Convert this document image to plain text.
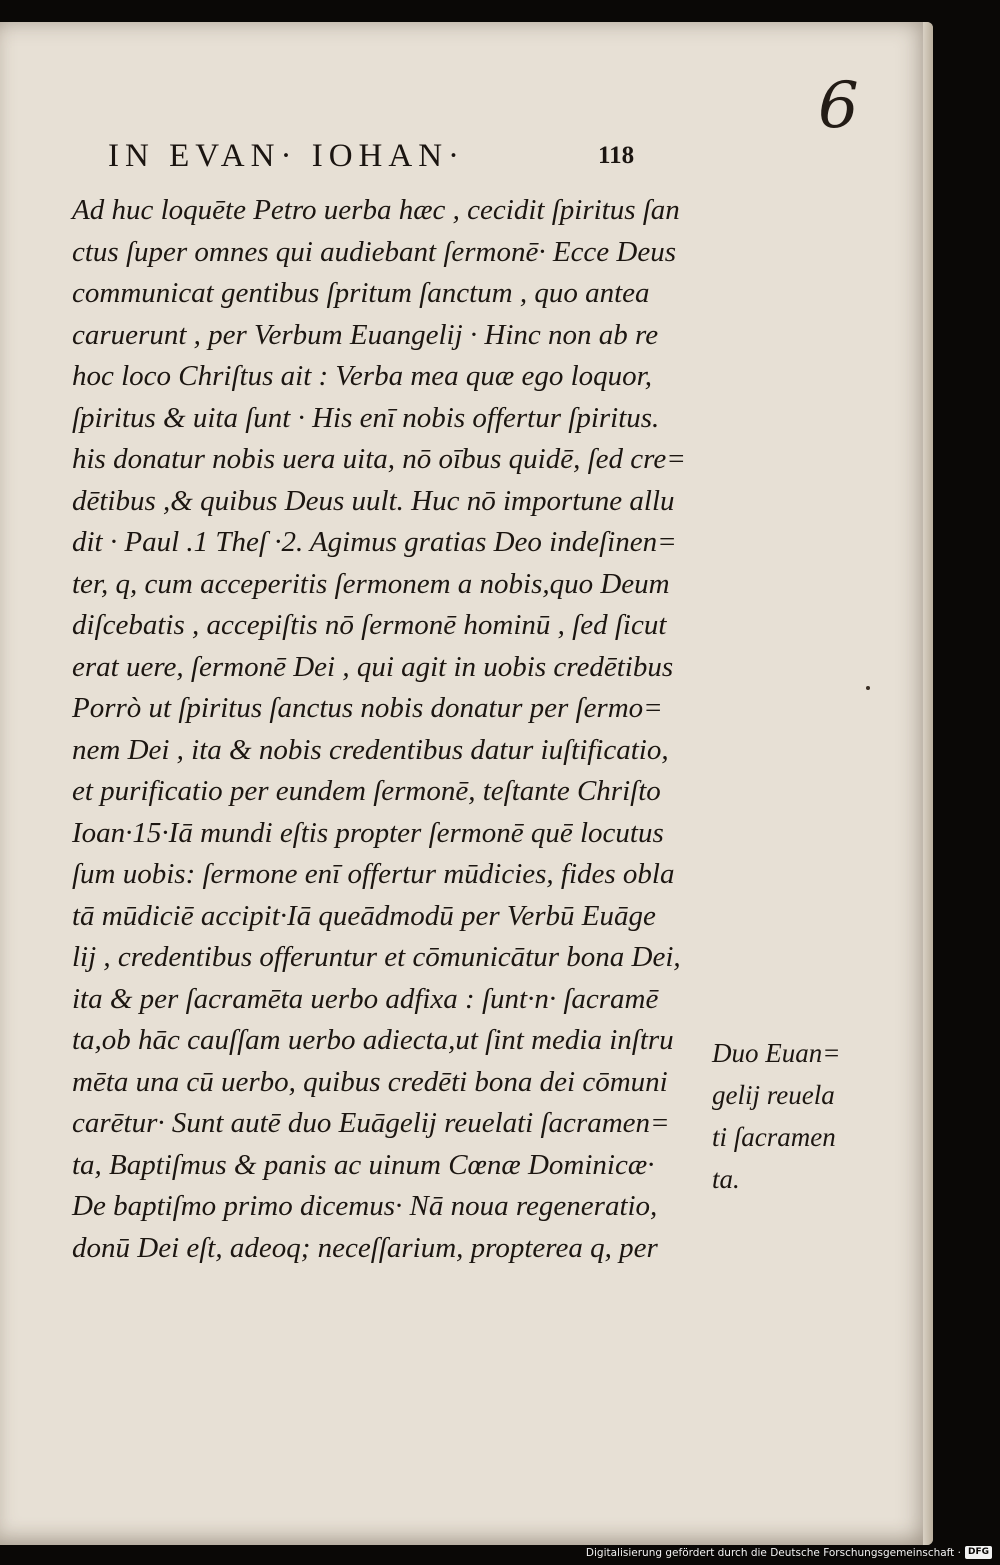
6
IN EVAN· IOHAN·	118
Ad huc loquēte Petro uerba hæc , cecidit ſpiritus ſan
ctus ſuper omnes qui audiebant ſermonē· Ecce Deus
communicat gentibus ſpritum ſanctum , quo antea
caruerunt , per Verbum Euangelij · Hinc non ab re
hoc loco Chriſtus ait : Verba mea quæ ego loquor,
ſpiritus & uita ſunt · His enī nobis offertur ſpiritus.
his donatur nobis uera uita, nō oībus quidē, ſed cre=
dētibus ,& quibus Deus uult. Huc nō importune allu
dit · Paul .1 Theſ ·2. Agimus gratias Deo indeſinen=
ter, q, cum acceperitis ſermonem a nobis,quo Deum
diſcebatis , accepiſtis nō ſermonē hominū , ſed ſicut
erat uere, ſermonē Dei , qui agit in uobis credētibus
Porrò ut ſpiritus ſanctus nobis donatur per ſermo=
nem Dei , ita & nobis credentibus datur iuſtificatio,
et purificatio per eundem ſermonē, teſtante Chriſto
Ioan·15·Iā mundi eſtis propter ſermonē quē locutus
ſum uobis: ſermone enī offertur mūdicies, fides obla
tā mūdiciē accipit·Iā queādmodū per Verbū Euāge
lij , credentibus offeruntur et cōmunicātur bona Dei,
ita & per ſacramēta uerbo adfixa : ſunt·n· ſacramē
ta,ob hāc cauſſam uerbo adiecta,ut ſint media inſtru
mēta una cū uerbo, quibus credēti bona dei cōmuni
carētur· Sunt autē duo Euāgelij reuelati ſacramen=
ta, Baptiſmus & panis ac uinum Cœnæ Dominicæ·
De baptiſmo primo dicemus· Nā noua regeneratio,
donū Dei eſt, adeoq; neceſſarium, propterea q, per
Duo Euan=
gelij reuela
ti ſacramen
ta.
Digitalisierung gefördert durch die Deutsche Forschungsgemeinschaft · DFG
